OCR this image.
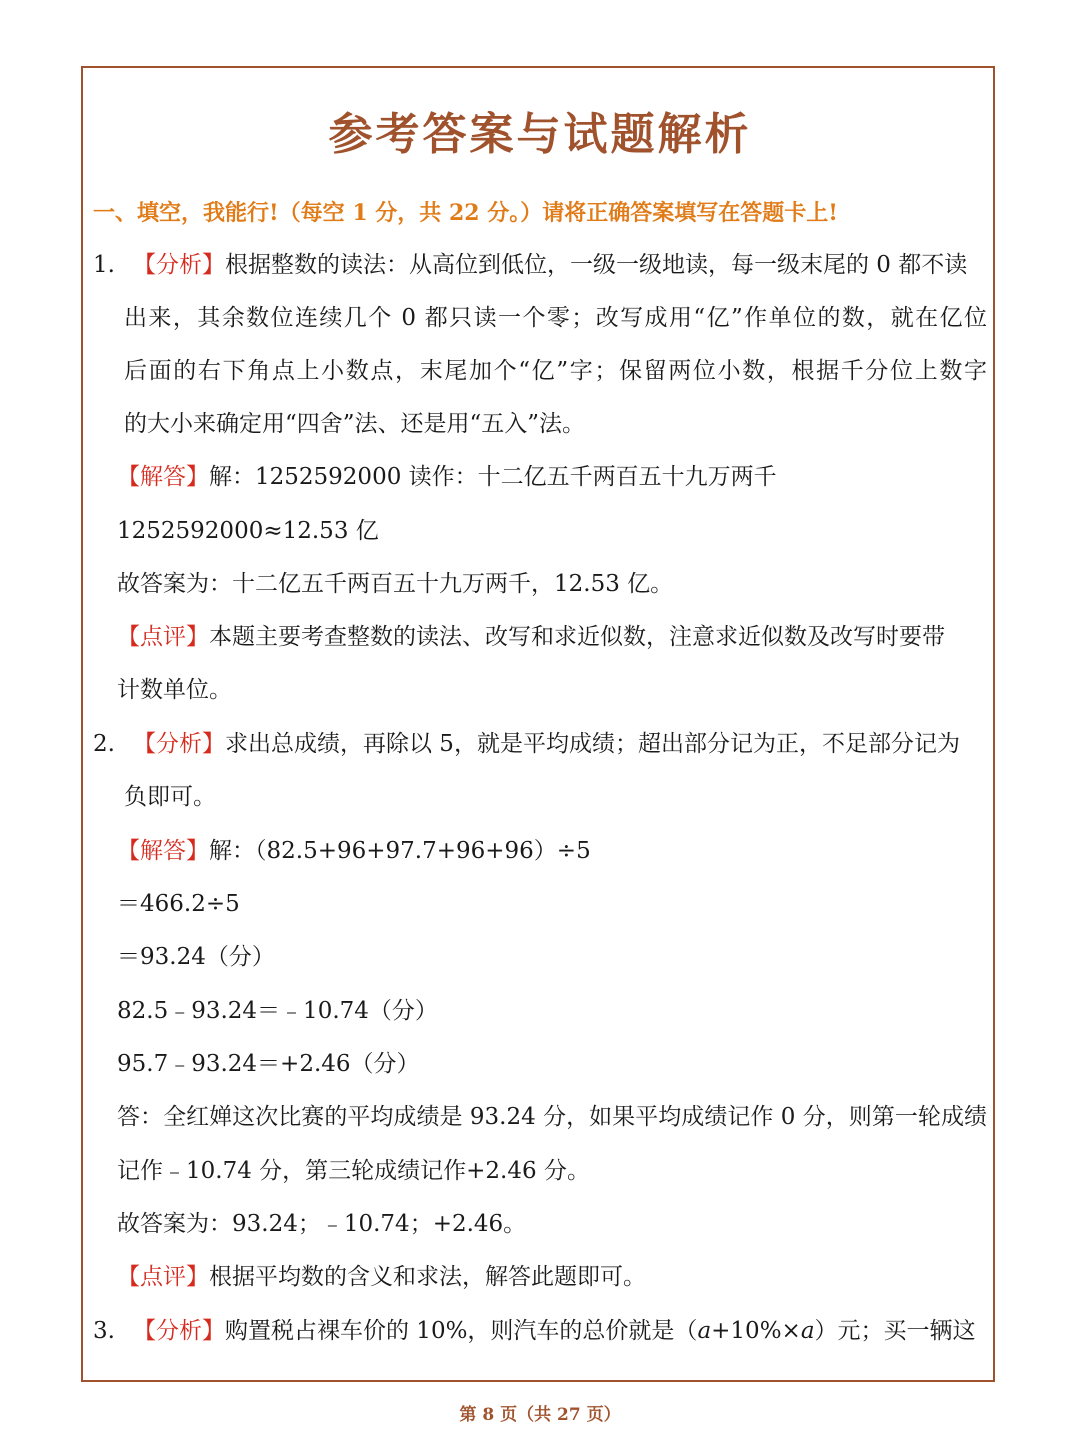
参考答案与试题解析
一、填空，我能行!（每空 1 分，共 22 分。）请将正确答案填写在答题卡上!
1. 【分析】根据整数的读法：从高位到低位，一级一级地读，每一级末尾的 0 都不读
出来，其余数位连续几个 0 都只读一个零；改写成用“亿”作单位的数，就在亿位
后面的右下角点上小数点，末尾加个“亿”字；保留两位小数，根据千分位上数字
的大小来确定用“四舍”法、还是用“五入”法。
【解答】解：1252592000 读作：十二亿五千两百五十九万两千
1252592000≈12.53 亿
故答案为：十二亿五千两百五十九万两千，12.53 亿。
【点评】本题主要考查整数的读法、改写和求近似数，注意求近似数及改写时要带
计数单位。
2. 【分析】求出总成绩，再除以 5，就是平均成绩；超出部分记为正，不足部分记为
负即可。
【解答】解：（82.5+96+97.7+96+96）÷5
＝466.2÷5
＝93.24（分）
82.5﹣93.24＝﹣10.74（分）
95.7﹣93.24＝+2.46（分）
答：全红婵这次比赛的平均成绩是 93.24 分，如果平均成绩记作 0 分，则第一轮成绩
记作﹣10.74 分，第三轮成绩记作+2.46 分。
故答案为：93.24；﹣10.74；+2.46。
【点评】根据平均数的含义和求法，解答此题即可。
3. 【分析】购置税占裸车价的 10%，则汽车的总价就是（a+10%×a）元；买一辆这
第 8 页（共 27 页）
